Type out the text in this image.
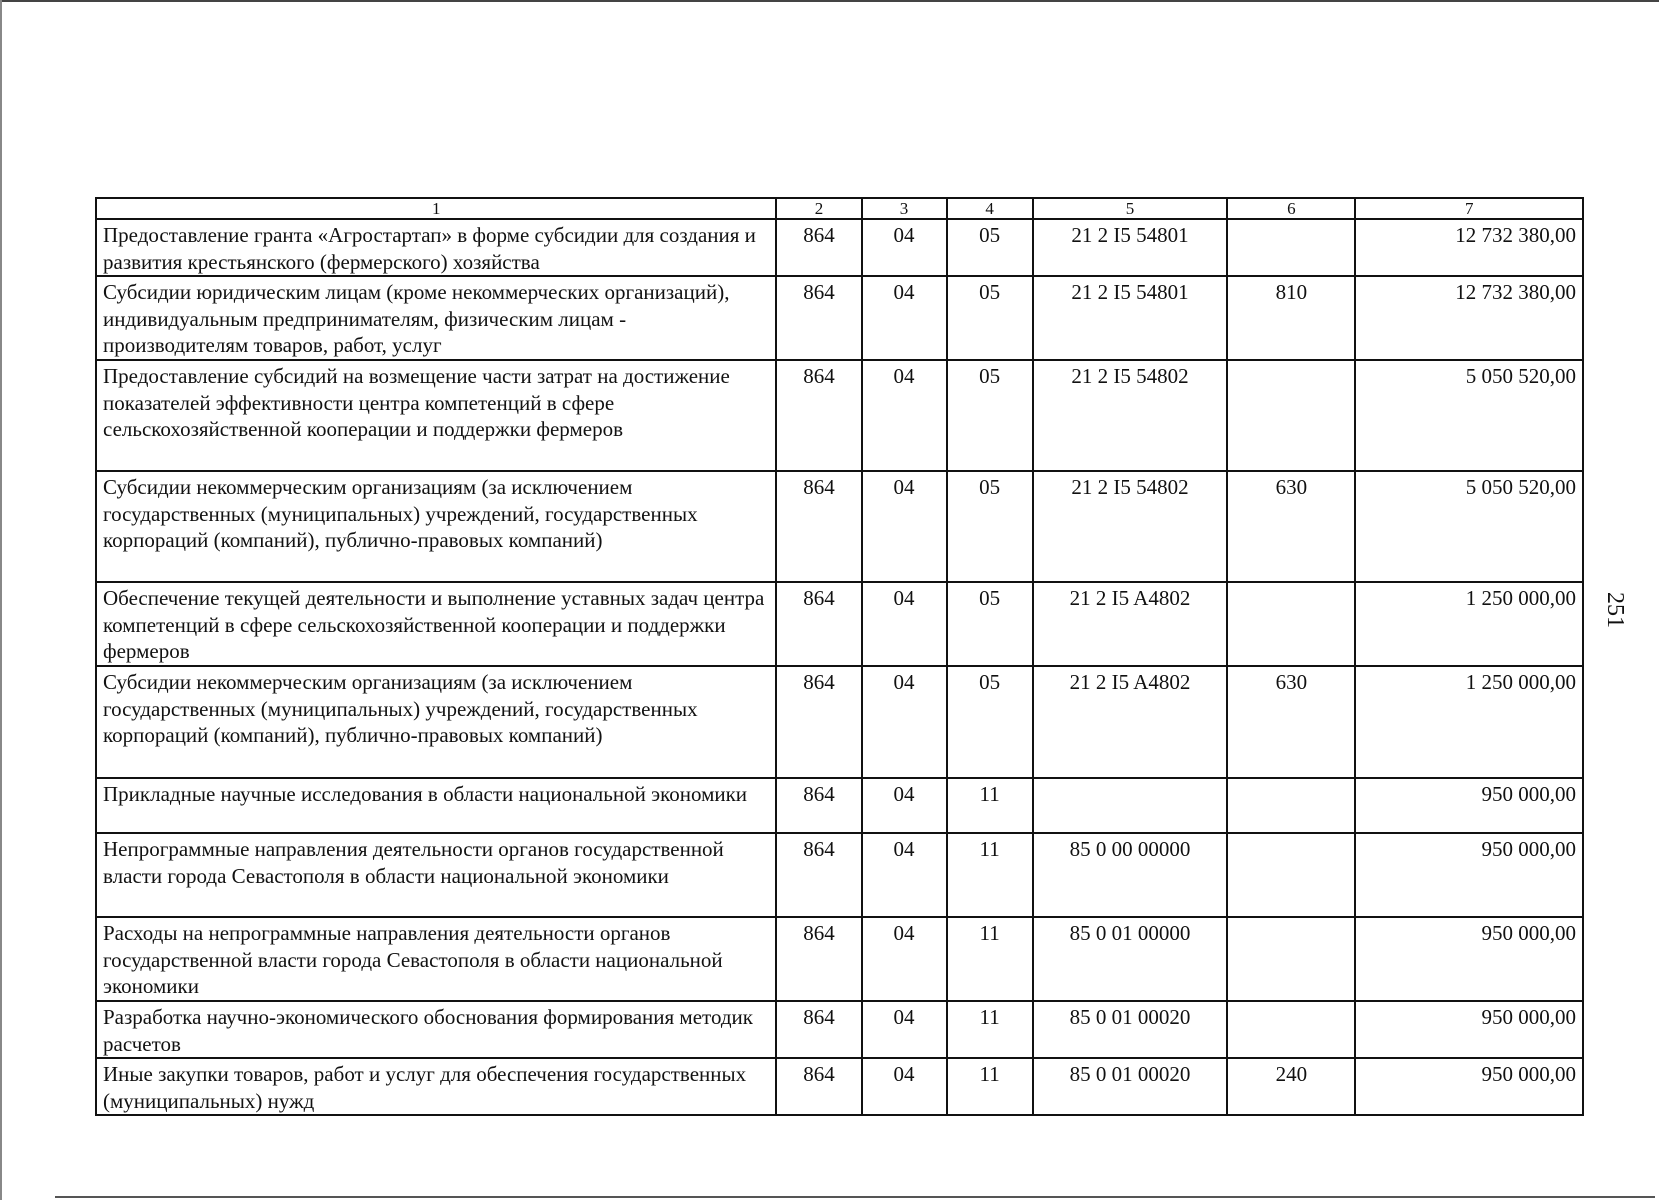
1	2	3	4	5	6	7
Предоставление гранта «Агростартап» в форме субсидии для создания и развития крестьянского (фермерского) хозяйства	864	04	05	21 2 I5 54801		12 732 380,00
Субсидии юридическим лицам (кроме некоммерческих организаций), индивидуальным предпринимателям, физическим лицам - производителям товаров, работ, услуг	864	04	05	21 2 I5 54801	810	12 732 380,00
Предоставление субсидий на возмещение части затрат на достижение показателей эффективности центра компетенций в сфере сельскохозяйственной кооперации и поддержки фермеров	864	04	05	21 2 I5 54802		5 050 520,00
Субсидии некоммерческим организациям (за исключением государственных (муниципальных) учреждений, государственных корпораций (компаний), публично-правовых компаний)	864	04	05	21 2 I5 54802	630	5 050 520,00
Обеспечение текущей деятельности и выполнение уставных задач центра компетенций в сфере сельскохозяйственной кооперации и поддержки фермеров	864	04	05	21 2 I5 A4802		1 250 000,00
Субсидии некоммерческим организациям (за исключением государственных (муниципальных) учреждений, государственных корпораций (компаний), публично-правовых компаний)	864	04	05	21 2 I5 A4802	630	1 250 000,00
Прикладные научные исследования в области национальной экономики	864	04	11			950 000,00
Непрограммные направления деятельности органов государственной власти города Севастополя в области национальной экономики	864	04	11	85 0 00 00000		950 000,00
Расходы на непрограммные направления деятельности органов государственной власти города Севастополя в области национальной экономики	864	04	11	85 0 01 00000		950 000,00
Разработка научно-экономического обоснования формирования методик расчетов	864	04	11	85 0 01 00020		950 000,00
Иные закупки товаров, работ и услуг для обеспечения государственных (муниципальных) нужд	864	04	11	85 0 01 00020	240	950 000,00
251
